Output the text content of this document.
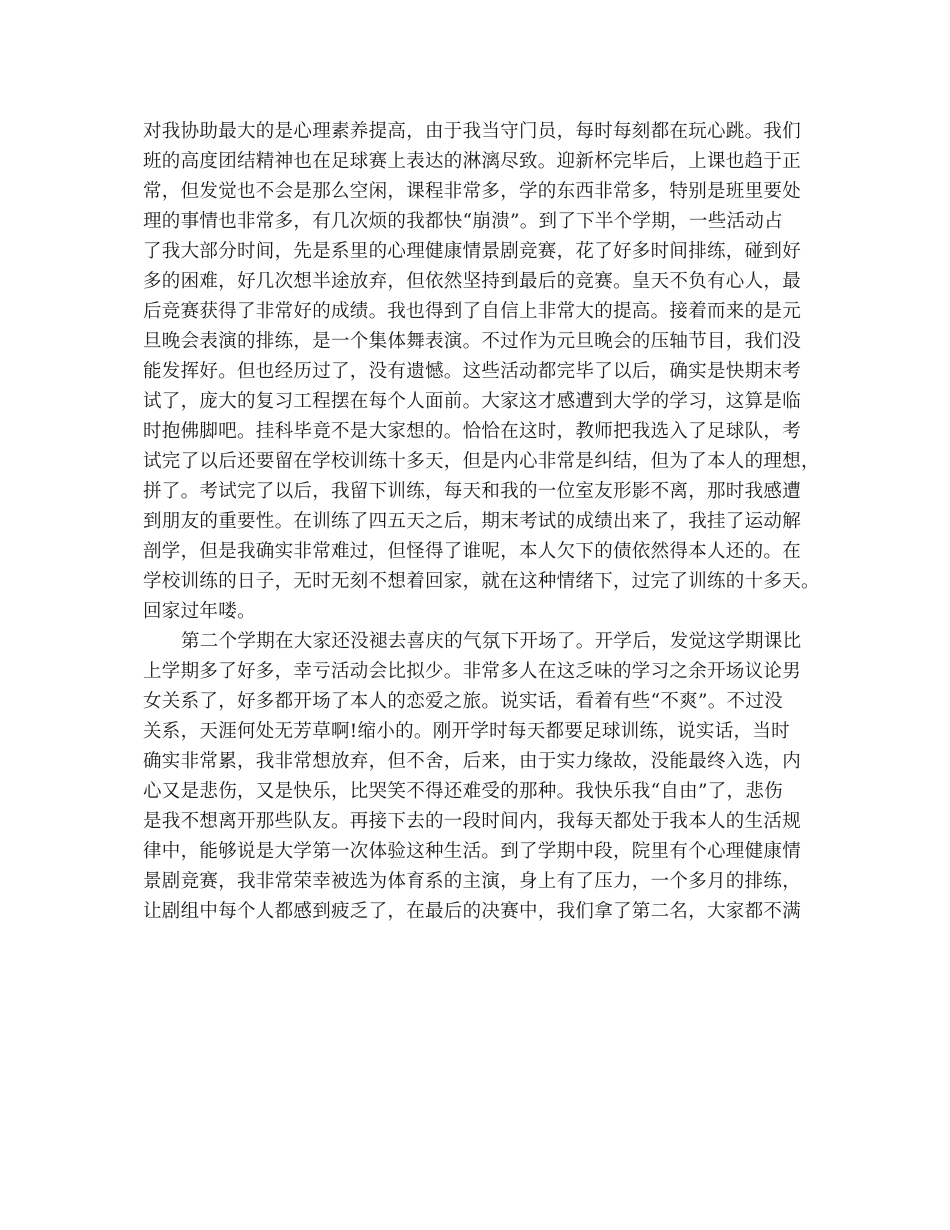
对我协助最大的是心理素养提高，由于我当守门员，每时每刻都在玩心跳。我们
班的高度团结精神也在足球赛上表达的淋漓尽致。迎新杯完毕后，上课也趋于正
常，但发觉也不会是那么空闲，课程非常多，学的东西非常多，特别是班里要处
理的事情也非常多，有几次烦的我都快“崩溃”。到了下半个学期，一些活动占
了我大部分时间，先是系里的心理健康情景剧竞赛，花了好多时间排练，碰到好
多的困难，好几次想半途放弃，但依然坚持到最后的竞赛。皇天不负有心人，最
后竞赛获得了非常好的成绩。我也得到了自信上非常大的提高。接着而来的是元
旦晚会表演的排练，是一个集体舞表演。不过作为元旦晚会的压轴节目，我们没
能发挥好。但也经历过了，没有遗憾。这些活动都完毕了以后，确实是快期末考
试了，庞大的复习工程摆在每个人面前。大家这才感遭到大学的学习，这算是临
时抱佛脚吧。挂科毕竟不是大家想的。恰恰在这时，教师把我选入了足球队，考
试完了以后还要留在学校训练十多天，但是内心非常是纠结，但为了本人的理想，
拼了。考试完了以后，我留下训练，每天和我的一位室友形影不离，那时我感遭
到朋友的重要性。在训练了四五天之后，期末考试的成绩出来了，我挂了运动解
剖学，但是我确实非常难过，但怪得了谁呢，本人欠下的债依然得本人还的。在
学校训练的日子，无时无刻不想着回家，就在这种情绪下，过完了训练的十多天。
回家过年喽。
第二个学期在大家还没褪去喜庆的气氛下开场了。开学后，发觉这学期课比
上学期多了好多，幸亏活动会比拟少。非常多人在这乏味的学习之余开场议论男
女关系了，好多都开场了本人的恋爱之旅。说实话，看着有些“不爽”。不过没
关系，天涯何处无芳草啊!缩小的。刚开学时每天都要足球训练，说实话，当时
确实非常累，我非常想放弃，但不舍，后来，由于实力缘故，没能最终入选，内
心又是悲伤，又是快乐，比哭笑不得还难受的那种。我快乐我“自由”了，悲伤
是我不想离开那些队友。再接下去的一段时间内，我每天都处于我本人的生活规
律中，能够说是大学第一次体验这种生活。到了学期中段，院里有个心理健康情
景剧竞赛，我非常荣幸被选为体育系的主演，身上有了压力，一个多月的排练，
让剧组中每个人都感到疲乏了，在最后的决赛中，我们拿了第二名，大家都不满
